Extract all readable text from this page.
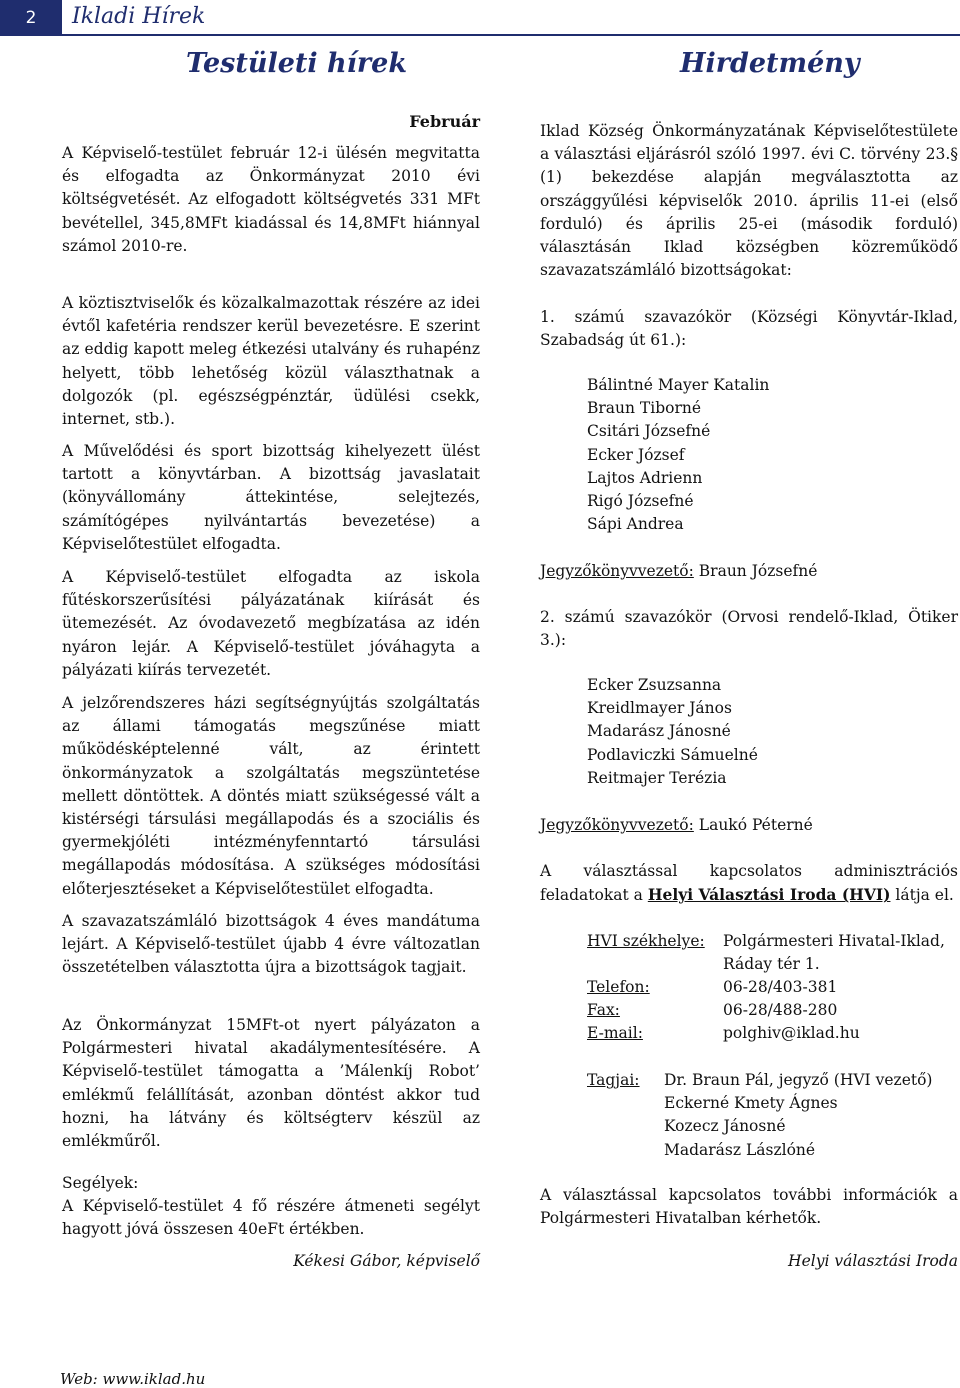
2	Ikladi Hírek
Testületi hírek
Február

A Képviselő-testület február 12-i ülésén megvitatta és elfogadta az Önkormányzat 2010 évi költségvetését. Az elfogadott költségvetés 331 MFt bevétellel, 345,8MFt kiadással és 14,8MFt hiánnyal számol 2010-re.

A köztisztviselők és közalkalmazottak részére az idei évtől kafetéria rendszer kerül bevezetésre. E szerint az eddig kapott meleg étkezési utalvány és ruhapénz helyett, több lehetőség közül választhatnak a dolgozók (pl. egészségpénztár, üdülési csekk, internet, stb.).

A Művelődési és sport bizottság kihelyezett ülést tartott a könyvtárban. A bizottság javaslatait (könyvállomány áttekintése, selejtezés, számítógépes nyilvántartás bevezetése) a Képviselőtestület elfogadta.

A Képviselő-testület elfogadta az iskola fűtéskorszerűsítési pályázatának kiírását és ütemezését. Az óvodavezető megbízatása az idén nyáron lejár. A Képviselő-testület jóváhagyta a pályázati kiírás tervezetét.

A jelzőrendszeres házi segítségnyújtás szolgáltatás az állami támogatás megszűnése miatt működésképtelenné vált, az érintett önkormányzatok a szolgáltatás megszüntetése mellett döntöttek. A döntés miatt szükségessé vált a kistérségi társulási megállapodás és a szociális és gyermekjóléti intézményfenntartó társulási megállapodás módosítása. A szükséges módosítási előterjesztéseket a Képviselőtestület elfogadta.

A szavazatszámláló bizottságok 4 éves mandátuma lejárt. A Képviselő-testület újabb 4 évre változatlan összetételben választotta újra a bizottságok tagjait.

Az Önkormányzat 15MFt-ot nyert pályázaton a Polgármesteri hivatal akadálymentesítésére. A Képviselő-testület támogatta a ’Málenkíj Robot’ emlékmű felállítását, azonban döntést akkor tud hozni, ha látvány és költségterv készül az emlékműről.

Segélyek:

A Képviselő-testület 4 fő részére átmeneti segélyt hagyott jóvá összesen 40eFt értékben.

Kékesi Gábor, képviselő
Hirdetmény

Iklad Község Önkormányzatának Képviselőtestülete a választási eljárásról szóló 1997. évi C. törvény 23.§ (1) bekezdése alapján megválasztotta az országgyűlési képviselők 2010. április 11-ei (első forduló) és április 25-ei (második forduló) választásán Iklad községben közreműködő szavazatszámláló bizottságokat:

1. számú szavazókör (Községi Könyvtár-Iklad, Szabadság út 61.):

Bálintné Mayer Katalin
Braun Tiborné
Csitári Józsefné
Ecker József
Lajtos Adrienn
Rigó Józsefné
Sápi Andrea
Jegyzőkönyvvezető: Braun Józsefné

2. számú szavazókör (Orvosi rendelő-Iklad, Ötiker 3.):

Ecker Zsuzsanna
Kreidlmayer János
Madarász Jánosné
Podlaviczki Sámuelné
Reitmajer Terézia
Jegyzőkönyvvezető: Laukó Péterné

A választással kapcsolatos adminisztrációs feladatokat a Helyi Választási Iroda (HVI) látja el.

HVI székhelye: Polgármesteri Hivatal-Iklad,
Ráday tér 1.
Telefon:	06-28/403-381
Fax:	06-28/488-280
E-mail:	polghiv@iklad.hu
Tagjai: Dr. Braun Pál, jegyző (HVI vezető)
Eckerné Kmety Ágnes
Kozecz Jánosné
Madarász Lászlóné

A választással kapcsolatos további információk a Polgármesteri Hivatalban kérhetők.

Helyi választási Iroda
Web: www.iklad.hu
